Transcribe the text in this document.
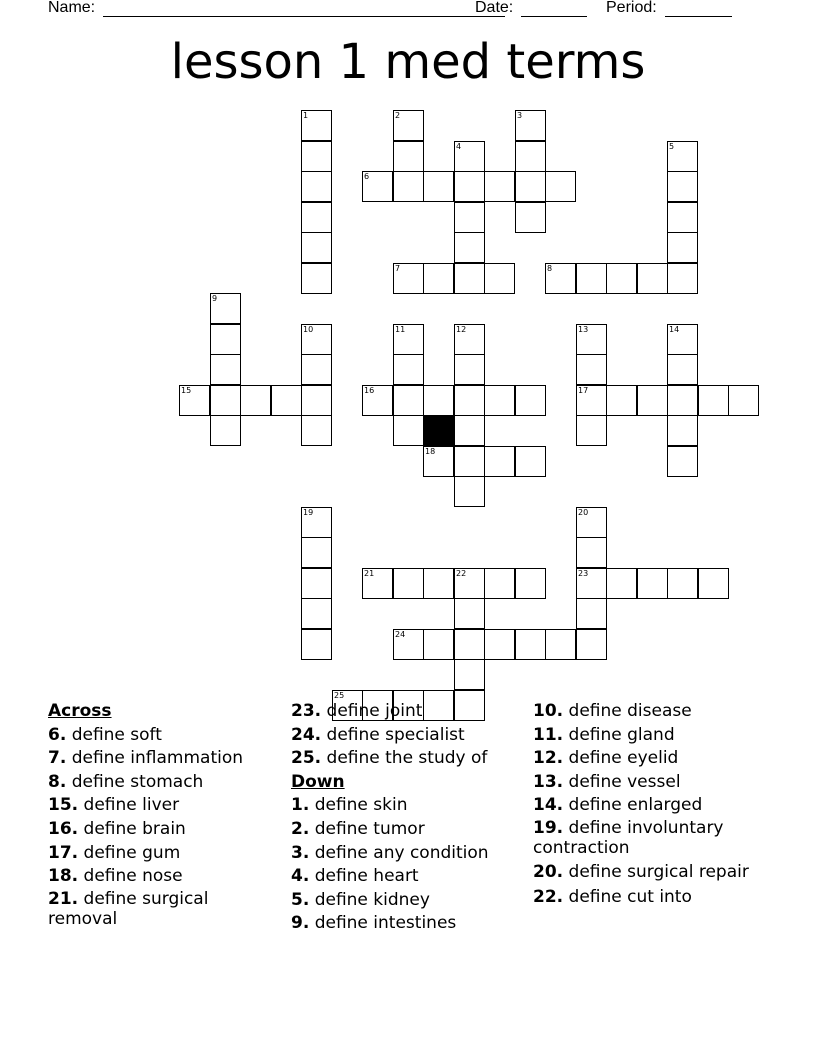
Name:	Date:	Period:
lesson 1 med terms
1	2	3
4	5
6
7	8
9
10	11	12	13	14
15	16	17
18
19	20
21	22	23
24
25
Across
6. define soft
7. define inflammation
8. define stomach
15. define liver
16. define brain
17. define gum
18. define nose
21. define surgical removal
23. define joint
24. define specialist
25. define the study of
Down
1. define skin
2. define tumor
3. define any condition
4. define heart
5. define kidney
9. define intestines
10. define disease
11. define gland
12. define eyelid
13. define vessel
14. define enlarged
19. define involuntary contraction
20. define surgical repair
22. define cut into
